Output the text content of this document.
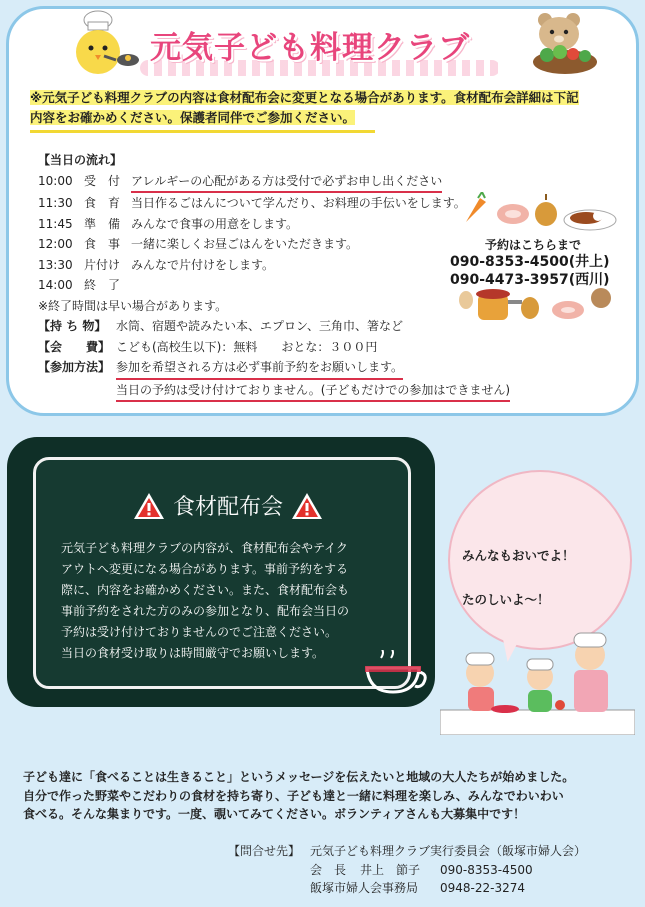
元気子ども料理クラブ
※元気子ども料理クラブの内容は食材配布会に変更となる場合があります。食材配布会詳細は下記
内容をお確かめください。保護者同伴でご参加ください。
【当日の流れ】
10:00 受　付 アレルギーの心配がある方は受付で必ずお申し出ください
11:30 食　育 当日作るごはんについて学んだり、お料理の手伝いをします。
11:45 準　備 みんなで食事の用意をします。
12:00 食　事 一緒に楽しくお昼ごはんをいただきます。
13:30 片付け みんなで片付けをします。
14:00 終　了
※終了時間は早い場合があります。
【持 ち 物】 水筒、宿題や読みたい本、エプロン、三角巾、箸など
【会　　費】 こども(高校生以下)：無料　　おとな：３００円
【参加方法】 参加を希望される方は必ず事前予約をお願いします。
当日の予約は受け付けておりません。(子どもだけでの参加はできません)
予約はこちらまで
090-8353-4500(井上)
090-4473-3957(西川)
食材配布会
元気子ども料理クラブの内容が、食材配布会やテイク
アウトへ変更になる場合があります。事前予約をする
際に、内容をお確かめください。また、食材配布会も
事前予約をされた方のみの参加となり、配布会当日の
予約は受け付けておりませんのでご注意ください。
当日の食材受け取りは時間厳守でお願いします。
みんなもおいでよ！
たのしいよ～！
子ども達に「食べることは生きること」というメッセージを伝えたいと地域の大人たちが始めました。
自分で作った野菜やこだわりの食材を持ち寄り、子ども達と一緒に料理を楽しみ、みんなでわいわい
食べる。そんな集まりです。一度、覗いてみてください。ボランティアさんも大募集中です！
【問合せ先】 元気子ども料理クラブ実行委員会（飯塚市婦人会）
会　長	井上　節子	090-8353-4500
飯塚市婦人会事務局	0948-22-3274
